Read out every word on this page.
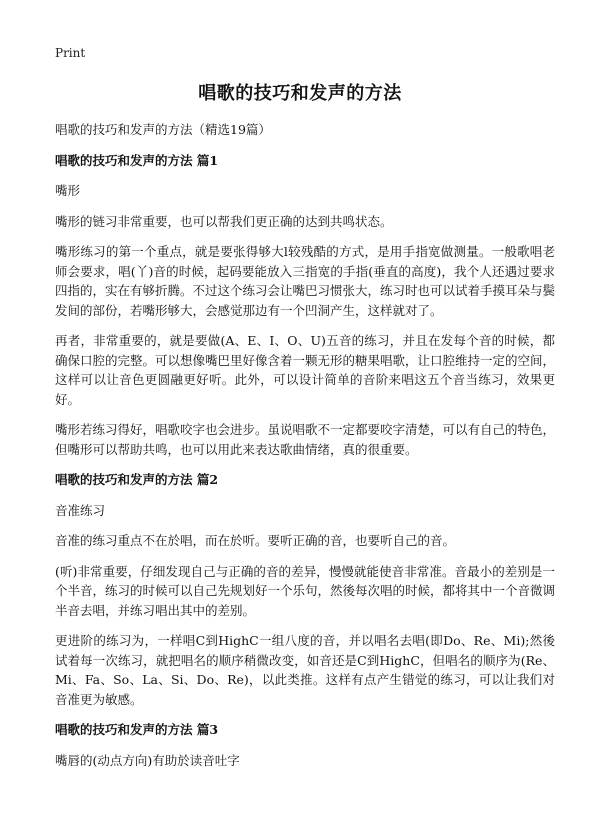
Print
唱歌的技巧和发声的方法

唱歌的技巧和发声的方法（精选19篇）

唱歌的技巧和发声的方法 篇1

嘴形

嘴形的链习非常重要，也可以帮我们更正确的达到共鸣状态。

嘴形练习的第一个重点，就是要张得够大l较残酷的方式，是用手指宽做测量。一般歌唱老师会要求，唱(丫)音的时候，起码要能放入三指宽的手指(垂直的高度)，我个人还遇过要求四指的，实在有够折腾。不过这个练习会让嘴巴习惯张大，练习时也可以试着手摸耳朵与鬓发间的部份，若嘴形够大，会感觉那边有一个凹洞产生，这样就对了。

再者，非常重要的，就是要做(A、E、I、O、U)五音的练习，并且在发每个音的时候，都确保口腔的完整。可以想像嘴巴里好像含着一颗无形的糖果唱歌，让口腔维持一定的空间，这样可以让音色更圆融更好听。此外，可以设计简单的音阶来唱这五个音当练习，效果更好。

嘴形若练习得好，唱歌咬字也会进步。虽说唱歌不一定都要咬字清楚，可以有自己的特色，但嘴形可以帮助共鸣，也可以用此来表达歌曲情绪，真的很重要。

唱歌的技巧和发声的方法 篇2

音准练习

音准的练习重点不在於唱，而在於听。要听正确的音，也要听自己的音。

(听)非常重要，仔细发现自己与正确的音的差异，慢慢就能使音非常准。音最小的差别是一个半音，练习的时候可以自己先规划好一个乐句，然後每次唱的时候，都将其中一个音微调半音去唱，并练习唱出其中的差别。

更进阶的练习为，一样唱C到HighC一组八度的音，并以唱名去唱(即Do、Re、Mi);然後试着每一次练习，就把唱名的顺序稍微改变，如音还是C到HighC，但唱名的顺序为(Re、Mi、Fa、So、La、Si、Do、Re)，以此类推。这样有点产生错觉的练习，可以让我们对音准更为敏感。

唱歌的技巧和发声的方法 篇3

嘴唇的(动点方向)有助於读音吐字
